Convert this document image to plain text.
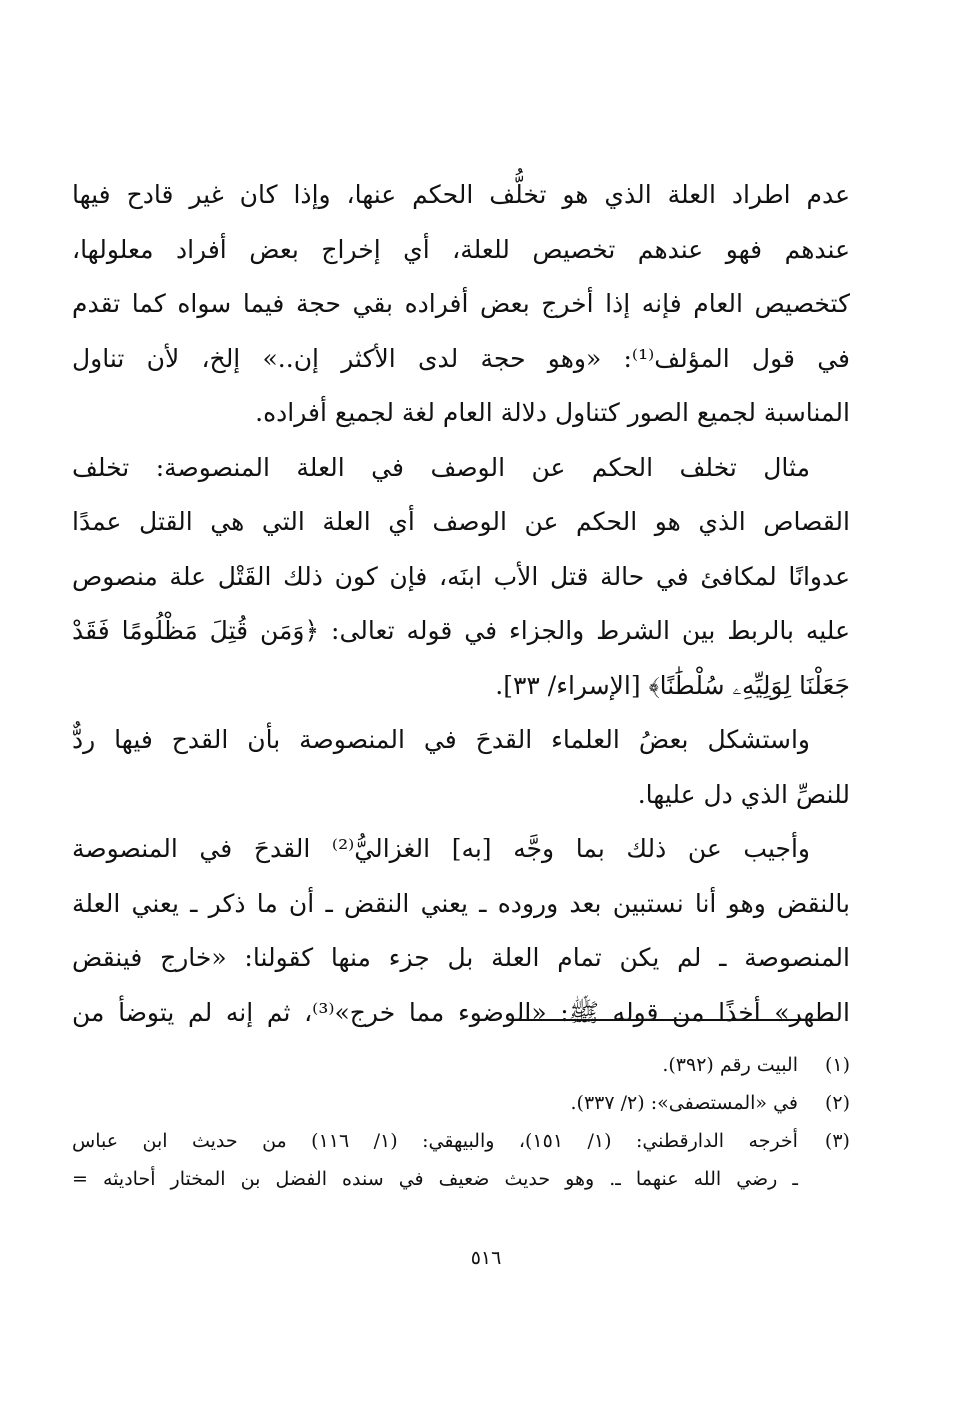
عدم اطراد العلة الذي هو تخلُّف الحكم عنها، وإذا كان غير قادح فيها
عندهم فهو عندهم تخصيص للعلة، أي إخراج بعض أفراد معلولها،
كتخصيص العام فإنه إذا أخرج بعض أفراده بقي حجة فيما سواه كما تقدم
في قول المؤلف⁽¹⁾: «وهو حجة لدى الأكثر إن..» إلخ، لأن تناول
المناسبة لجميع الصور كتناول دلالة العام لغة لجميع أفراده.
مثال تخلف الحكم عن الوصف في العلة المنصوصة: تخلف
القصاص الذي هو الحكم عن الوصف أي العلة التي هي القتل عمدًا
عدوانًا لمكافئ في حالة قتل الأب ابنَه، فإن كون ذلك القَتْل علة منصوص
عليه بالربط بين الشرط والجزاء في قوله تعالى: ﴿وَمَن قُتِلَ مَظْلُومًا فَقَدْ
جَعَلْنَا لِوَلِيِّهِۦ سُلْطَٰنًا﴾ [الإسراء/ ٣٣].
واستشكل بعضُ العلماء القدحَ في المنصوصة بأن القدح فيها ردٌّ
للنصِّ الذي دل عليها.
وأجيب عن ذلك بما وجَّه [به] الغزاليُّ⁽²⁾ القدحَ في المنصوصة
بالنقض وهو أنا نستبين بعد وروده ـ يعني النقض ـ أن ما ذكر ـ يعني العلة
المنصوصة ـ لم يكن تمام العلة بل جزء منها كقولنا: «خارج فينقض
الطهر» أخذًا من قوله ﷺ: «الوضوء مما خرج»⁽³⁾، ثم إنه لم يتوضأ من
(١)البيت رقم (٣٩٢).
(٢)في «المستصفى»: (٢/ ٣٣٧).
(٣)أخرجه الدارقطني: (١/ ١٥١)، والبيهقي: (١/ ١١٦) من حديث ابن عباس
ـ رضي الله عنهما ـ. وهو حديث ضعيف في سنده الفضل بن المختار أحاديثه =
٥١٦
